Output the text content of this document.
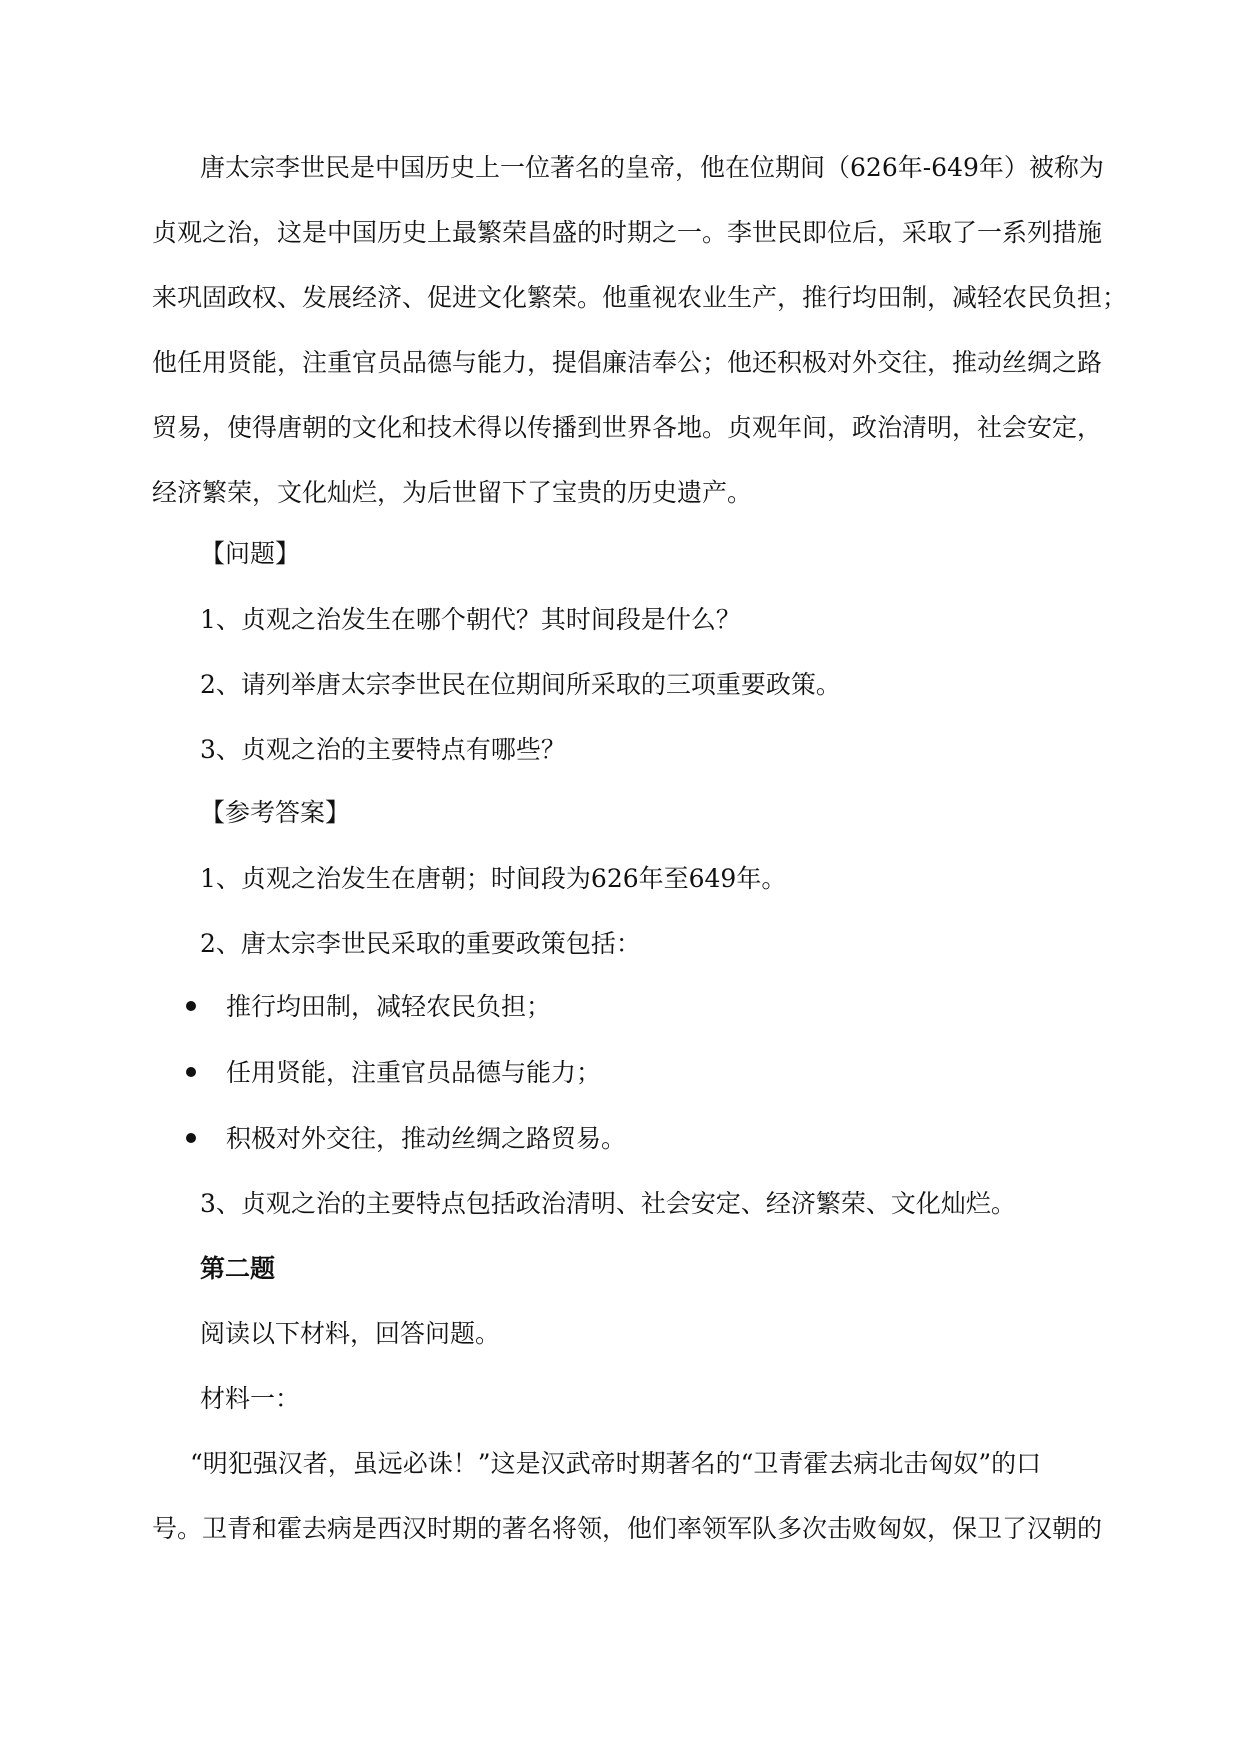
唐太宗李世民是中国历史上一位著名的皇帝，他在位期间（626年-649年）被称为
贞观之治，这是中国历史上最繁荣昌盛的时期之一。李世民即位后，采取了一系列措施
来巩固政权、发展经济、促进文化繁荣。他重视农业生产，推行均田制，减轻农民负担；
他任用贤能，注重官员品德与能力，提倡廉洁奉公；他还积极对外交往，推动丝绸之路
贸易，使得唐朝的文化和技术得以传播到世界各地。贞观年间，政治清明，社会安定，
经济繁荣，文化灿烂，为后世留下了宝贵的历史遗产。
【问题】
1、贞观之治发生在哪个朝代？其时间段是什么？
2、请列举唐太宗李世民在位期间所采取的三项重要政策。
3、贞观之治的主要特点有哪些？
【参考答案】
1、贞观之治发生在唐朝；时间段为626年至649年。
2、唐太宗李世民采取的重要政策包括：
推行均田制，减轻农民负担；
任用贤能，注重官员品德与能力；
积极对外交往，推动丝绸之路贸易。
3、贞观之治的主要特点包括政治清明、社会安定、经济繁荣、文化灿烂。
第二题
阅读以下材料，回答问题。
材料一：
“明犯强汉者，虽远必诛！”这是汉武帝时期著名的“卫青霍去病北击匈奴”的口
号。卫青和霍去病是西汉时期的著名将领，他们率领军队多次击败匈奴，保卫了汉朝的
